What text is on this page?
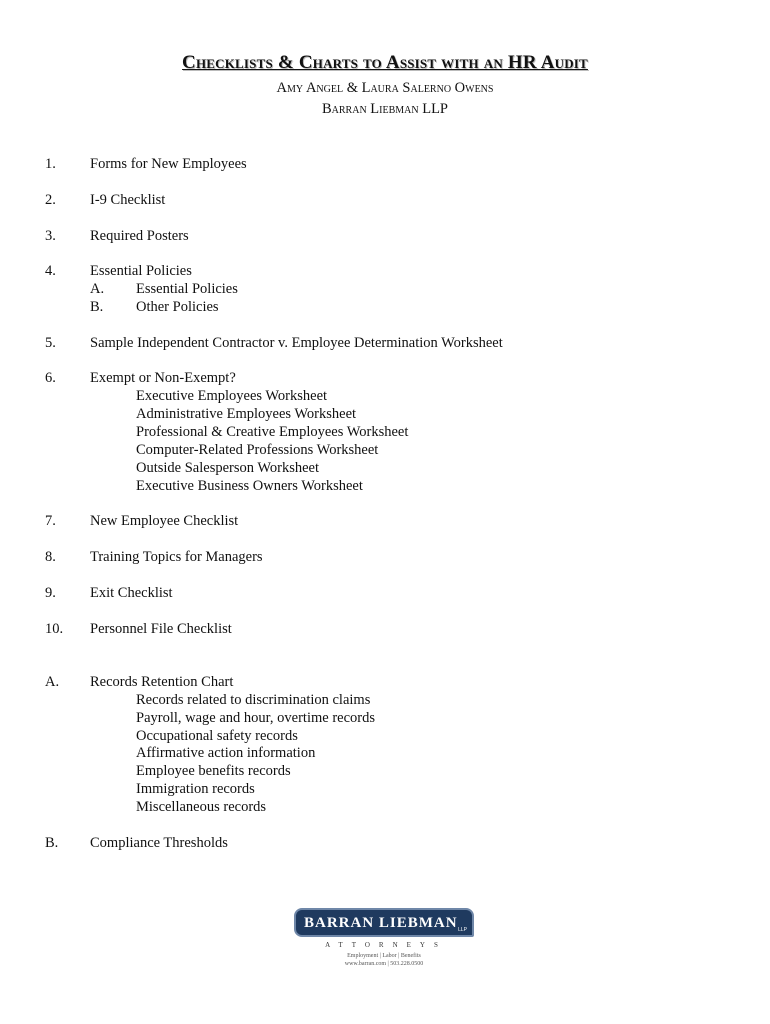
Checklists & Charts to Assist with an HR Audit
Amy Angel & Laura Salerno Owens
Barran Liebman LLP
1. Forms for New Employees
2. I-9 Checklist
3. Required Posters
4. Essential Policies
A. Essential Policies
B. Other Policies
5. Sample Independent Contractor v. Employee Determination Worksheet
6. Exempt or Non-Exempt?
Executive Employees Worksheet
Administrative Employees Worksheet
Professional & Creative Employees Worksheet
Computer-Related Professions Worksheet
Outside Salesperson Worksheet
Executive Business Owners Worksheet
7. New Employee Checklist
8. Training Topics for Managers
9. Exit Checklist
10. Personnel File Checklist
A. Records Retention Chart
Records related to discrimination claims
Payroll, wage and hour, overtime records
Occupational safety records
Affirmative action information
Employee benefits records
Immigration records
Miscellaneous records
B. Compliance Thresholds
BARRAN LIEBMAN LLP
ATTORNEYS
Employment | Labor | Benefits
www.barran.com | 503.228.0500
